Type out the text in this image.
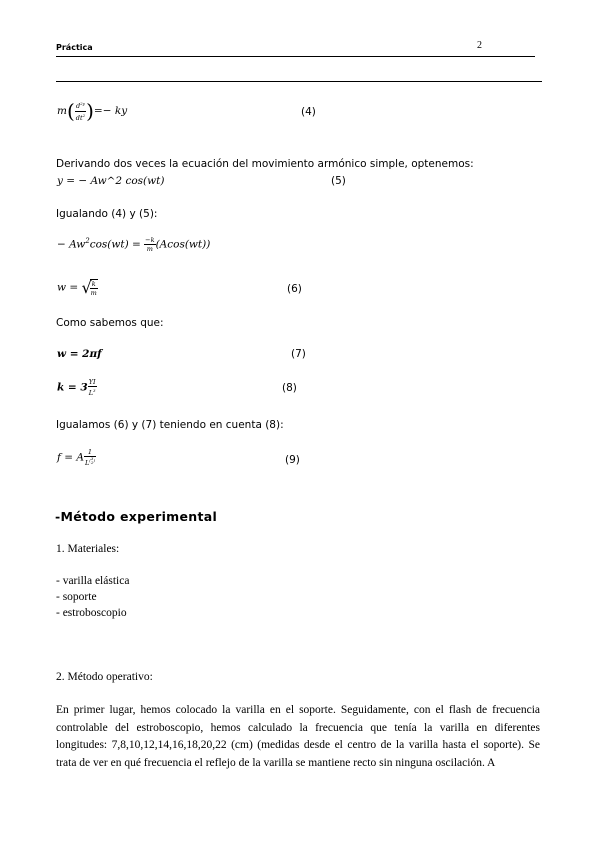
Práctica	2
$m( \frac{d^{2y}}{dt^2}$ )=− ky	(4)
Derivando dos veces la ecuación del movimiento armónico simple, optenemos:
y = − Aw^2 cos(wt)	(5)
Igualando (4) y (5):
− $Aw^2\cos(wt) = \frac{-k}{m} (Acos(wt))$
w = √
$\frac{k}{m}$	(6)
Como sabemos que:
w = 2πf	(7)
$k = 3 \frac{YI}{L^3}$	(8)
Igualamos (6) y (7) teniendo en cuenta (8):
f = A 1
$L^{(3 2)}$	(9)
-Método experimental
1. Materiales:
- varilla elástica
- soporte
- estroboscopio
2. Método operativo:
En primer lugar, hemos colocado la varilla en el soporte. Seguidamente, con el flash de frecuencia controlable del estroboscopio, hemos calculado la frecuencia que tenía la varilla en diferentes longitudes: 7,8,10,12,14,16,18,20,22 (cm) (medidas desde el centro de la varilla hasta el soporte). Se trata de ver en qué frecuencia el reflejo de la varilla se mantiene recto sin ninguna oscilación. A
